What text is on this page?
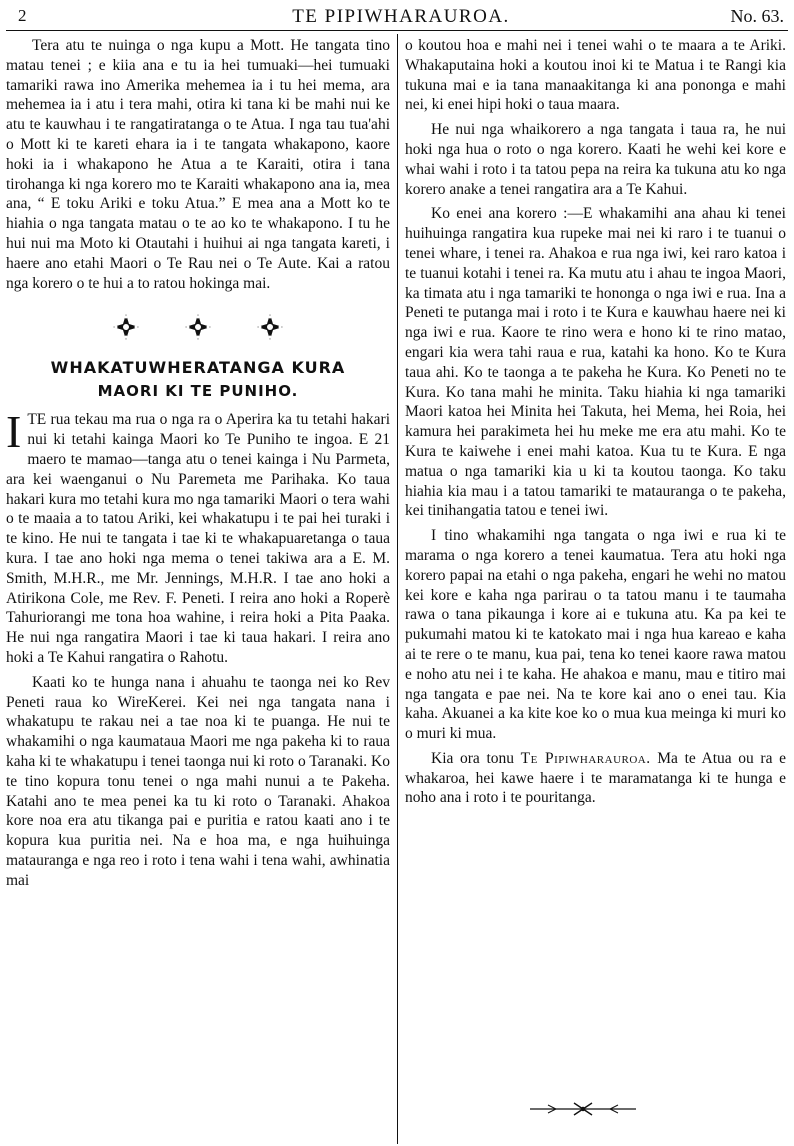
2	TE PIPIWHARAUROA.	No. 63.

Tera atu te nuinga o nga kupu a Mott. He tangata tino matau tenei ; e kiia ana e tu ia hei tumuaki—hei tumuaki tamariki rawa ino Amerika mehemea ia i tu hei mema, ara mehemea ia i atu i tera mahi, otira ki tana ki be mahi nui ke atu te kauwhau i te rangatiratanga o te Atua. I nga tau tua'ahi o Mott ki te kareti ehara ia i te tangata whakapono, kaore hoki ia i whakapono he Atua a te Karaiti, otira i tana tirohanga ki nga korero mo te Karaiti whakapono ana ia, mea ana, “ E toku Ariki e toku Atua.” E mea ana a Mott ko te hiahia o nga tangata matau o te ao ko te whakapono. I tu he hui nui ma Moto ki Otautahi i huihui ai nga tangata kareti, i haere ano etahi Maori o Te Rau nei o Te Aute. Kai a ratou nga korero o te hui a to ratou hokinga mai.

WHAKATUWHERATANGA KURA
MAORI KI TE PUNIHO.

ITE rua tekau ma rua o nga ra o Aperira ka tu tetahi hakari nui ki tetahi kainga Maori ko Te Puniho te ingoa. E 21 maero te mamao—tanga atu o tenei kainga i Nu Parmeta, ara kei waenganui o Nu Paremeta me Parihaka. Ko taua hakari kura mo tetahi kura mo nga tamariki Maori o tera wahi o te maaia a to tatou Ariki, kei whakatupu i te pai hei turaki i te kino. He nui te tangata i tae ki te whakapuaretanga o taua kura. I tae ano hoki nga mema o tenei takiwa ara a E. M. Smith, M.H.R., me Mr. Jennings, M.H.R. I tae ano hoki a Atirikona Cole, me Rev. F. Peneti. I reira ano hoki a Roperè Tahuriorangi me tona hoa wahine, i reira hoki a Pita Paaka. He nui nga rangatira Maori i tae ki taua hakari. I reira ano hoki a Te Kahui rangatira o Rahotu.

Kaati ko te hunga nana i ahuahu te taonga nei ko Rev Peneti raua ko WireKerei. Kei nei nga tangata nana i whakatupu te rakau nei a tae noa ki te puanga. He nui te whakamihi o nga kaumataua Maori me nga pakeha ki to raua kaha ki te whakatupu i tenei taonga nui ki roto o Taranaki. Ko te tino kopura tonu tenei o nga mahi nunui a te Pakeha. Katahi ano te mea penei ka tu ki roto o Taranaki. Ahakoa kore noa era atu tikanga pai e puritia e ratou kaati ano i te kopura kua puritia nei. Na e hoa ma, e nga huihuinga matauranga e nga reo i roto i tena wahi i tena wahi, awhinatia mai

o koutou hoa e mahi nei i tenei wahi o te maara a te Ariki. Whakaputaina hoki a koutou inoi ki te Matua i te Rangi kia tukuna mai e ia tana manaakitanga ki ana pononga e mahi nei, ki enei hipi hoki o taua maara.

He nui nga whaikorero a nga tangata i taua ra, he nui hoki nga hua o roto o nga korero. Kaati he wehi kei kore e whai wahi i roto i ta tatou pepa na reira ka tukuna atu ko nga korero anake a tenei rangatira ara a Te Kahui.

Ko enei ana korero :—E whakamihi ana ahau ki tenei huihuinga rangatira kua rupeke mai nei ki raro i te tuanui o tenei whare, i tenei ra. Ahakoa e rua nga iwi, kei raro katoa i te tuanui kotahi i tenei ra. Ka mutu atu i ahau te ingoa Maori, ka timata atu i nga tamariki te hononga o nga iwi e rua. Ina a Peneti te putanga mai i roto i te Kura e kauwhau haere nei ki nga iwi e rua. Kaore te rino wera e hono ki te rino matao, engari kia wera tahi raua e rua, katahi ka hono. Ko te Kura taua ahi. Ko te taonga a te pakeha he Kura. Ko Peneti no te Kura. Ko tana mahi he minita. Taku hiahia ki nga tamariki Maori katoa hei Minita hei Takuta, hei Mema, hei Roia, hei kamura hei parakimeta hei hu meke me era atu mahi. Ko te Kura te kaiwehe i enei mahi katoa. Kua tu te Kura. E nga matua o nga tamariki kia u ki ta koutou taonga. Ko taku hiahia kia mau i a tatou tamariki te matauranga o te pakeha, kei tinihangatia tatou e tenei iwi.

I tino whakamihi nga tangata o nga iwi e rua ki te marama o nga korero a tenei kaumatua. Tera atu hoki nga korero papai na etahi o nga pakeha, engari he wehi no matou kei kore e kaha nga parirau o ta tatou manu i te taumaha rawa o tana pikaunga i kore ai e tukuna atu. Ka pa kei te pukumahi matou ki te katokato mai i nga hua kareao e kaha ai te rere o te manu, kua pai, tena ko tenei kaore rawa matou e noho atu nei i te kaha. He ahakoa e manu, mau e titiro mai nga tangata e pae nei. Na te kore kai ano o enei tau. Kia kaha. Akuanei a ka kite koe ko o mua kua meinga ki muri ko o muri ki mua.

Kia ora tonu Te Pipiwharauroa. Ma te Atua ou ra e whakaroa, hei kawe haere i te maramatanga ki te hunga e noho ana i roto i te pouritanga.
